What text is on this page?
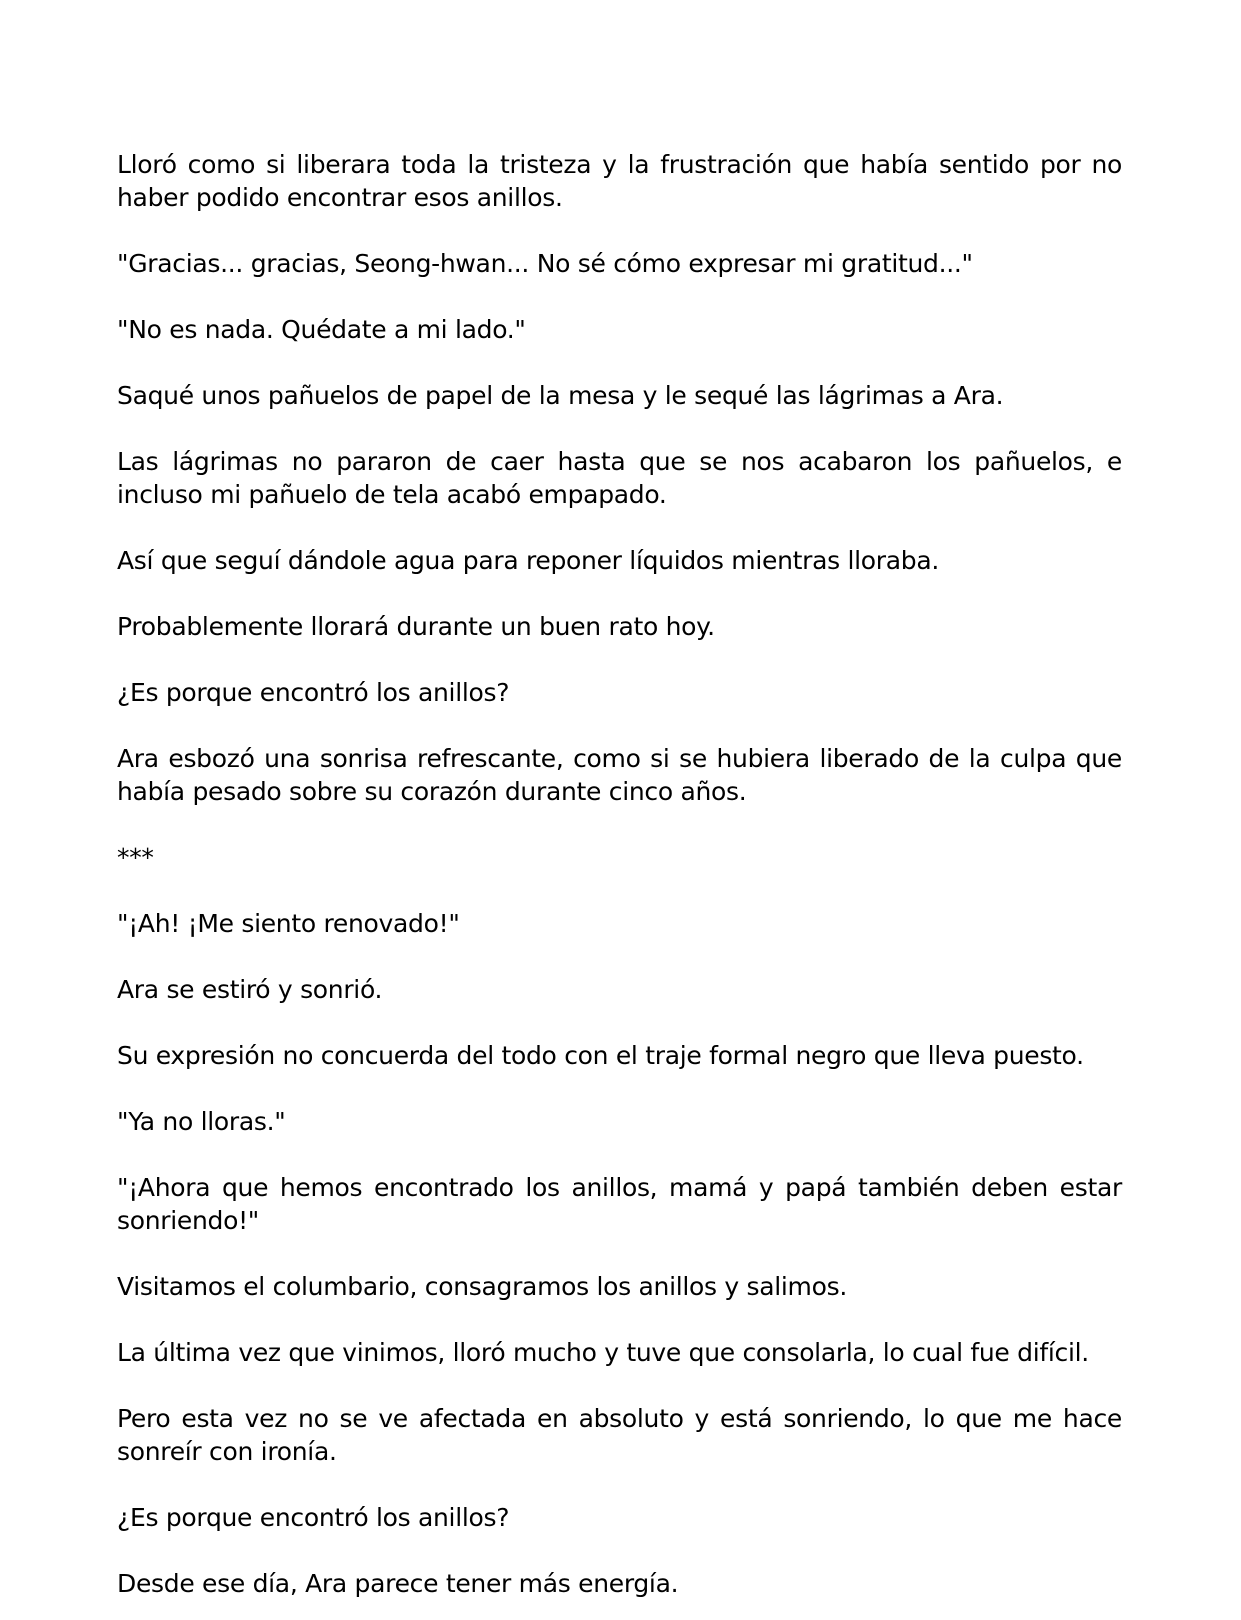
Lloró como si liberara toda la tristeza y la frustración que había sentido por no haber podido encontrar esos anillos.

"Gracias... gracias, Seong-hwan... No sé cómo expresar mi gratitud..."

"No es nada. Quédate a mi lado."

Saqué unos pañuelos de papel de la mesa y le sequé las lágrimas a Ara.

Las lágrimas no pararon de caer hasta que se nos acabaron los pañuelos, e incluso mi pañuelo de tela acabó empapado.

Así que seguí dándole agua para reponer líquidos mientras lloraba.

Probablemente llorará durante un buen rato hoy.

¿Es porque encontró los anillos?

Ara esbozó una sonrisa refrescante, como si se hubiera liberado de la culpa que había pesado sobre su corazón durante cinco años.

***

"¡Ah! ¡Me siento renovado!"

Ara se estiró y sonrió.

Su expresión no concuerda del todo con el traje formal negro que lleva puesto.

"Ya no lloras."

"¡Ahora que hemos encontrado los anillos, mamá y papá también deben estar sonriendo!"

Visitamos el columbario, consagramos los anillos y salimos.

La última vez que vinimos, lloró mucho y tuve que consolarla, lo cual fue difícil.

Pero esta vez no se ve afectada en absoluto y está sonriendo, lo que me hace sonreír con ironía.

¿Es porque encontró los anillos?

Desde ese día, Ara parece tener más energía.
